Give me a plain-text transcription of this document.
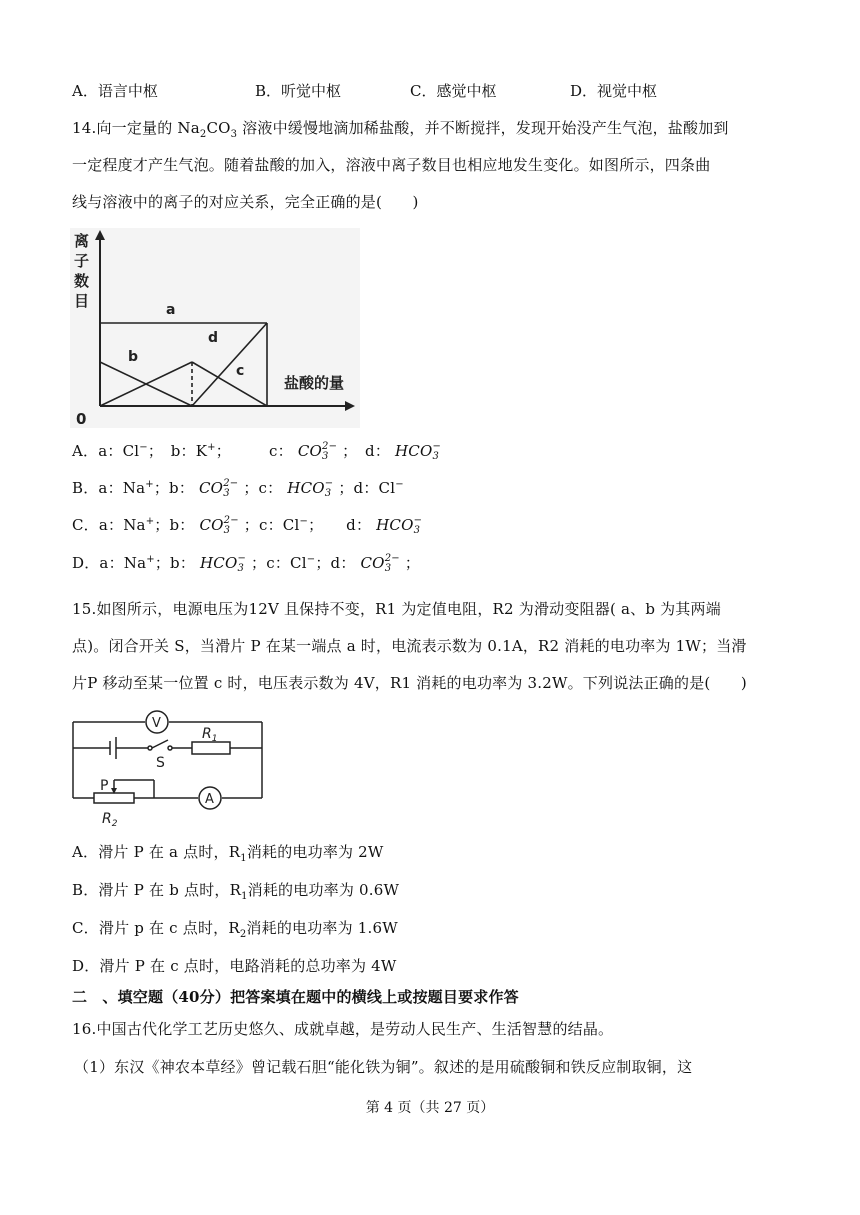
A．语言中枢	B．听觉中枢	C．感觉中枢	D．视觉中枢
14.向一定量的 $Na_2CO_3$ 溶液中缓慢地滴加稀盐酸，并不断搅拌，发现开始没产生气泡，盐酸加到
一定程度才产生气泡。随着盐酸的加入，溶液中离子数目也相应地发生变化。如图所示，四条曲
线与溶液中的离子的对应关系，完全正确的是(　　)
离
子
数
目
盐酸的量
0
a
b
d
c
A．a：Cl−；　b：K+；　　　c： CO 2−
3 ；　d： HCO −
3
B．a：Na+；b： CO 2−
3 ；c： HCO −
3 ；d：Cl−
C．a：Na+；b： CO 2−
3 ；c：Cl−；　　d： HCO −
3
D．a：Na+；b： HCO −
3 ；c：Cl−；d： CO 2−
3 ；
15.如图所示，电源电压为12V 且保持不变，R1 为定值电阻，R2 为滑动变阻器( a、b 为其两端
点)。闭合开关 S，当滑片 P 在某一端点 a 时，电流表示数为 0.1A，R2 消耗的电功率为 1W；当滑
片P 移动至某一位置 c 时，电压表示数为 4V，R1 消耗的电功率为 3.2W。下列说法正确的是(　　)
V
A
S
$R_1$
P
$R_2$
A．滑片 P 在 a 点时，$R_1$消耗的电功率为 2W
B．滑片 P 在 b 点时，$R_1$消耗的电功率为 0.6W
C．滑片 p 在 c 点时，$R_2$消耗的电功率为 1.6W
D．滑片 P 在 c 点时，电路消耗的总功率为 4W
二　、填空题（40分）把答案填在题中的横线上或按题目要求作答
16.中国古代化学工艺历史悠久、成就卓越，是劳动人民生产、生活智慧的结晶。
（1）东汉《神农本草经》曾记载石胆“能化铁为铜”。叙述的是用硫酸铜和铁反应制取铜，这
第 4 页（共 27 页）
